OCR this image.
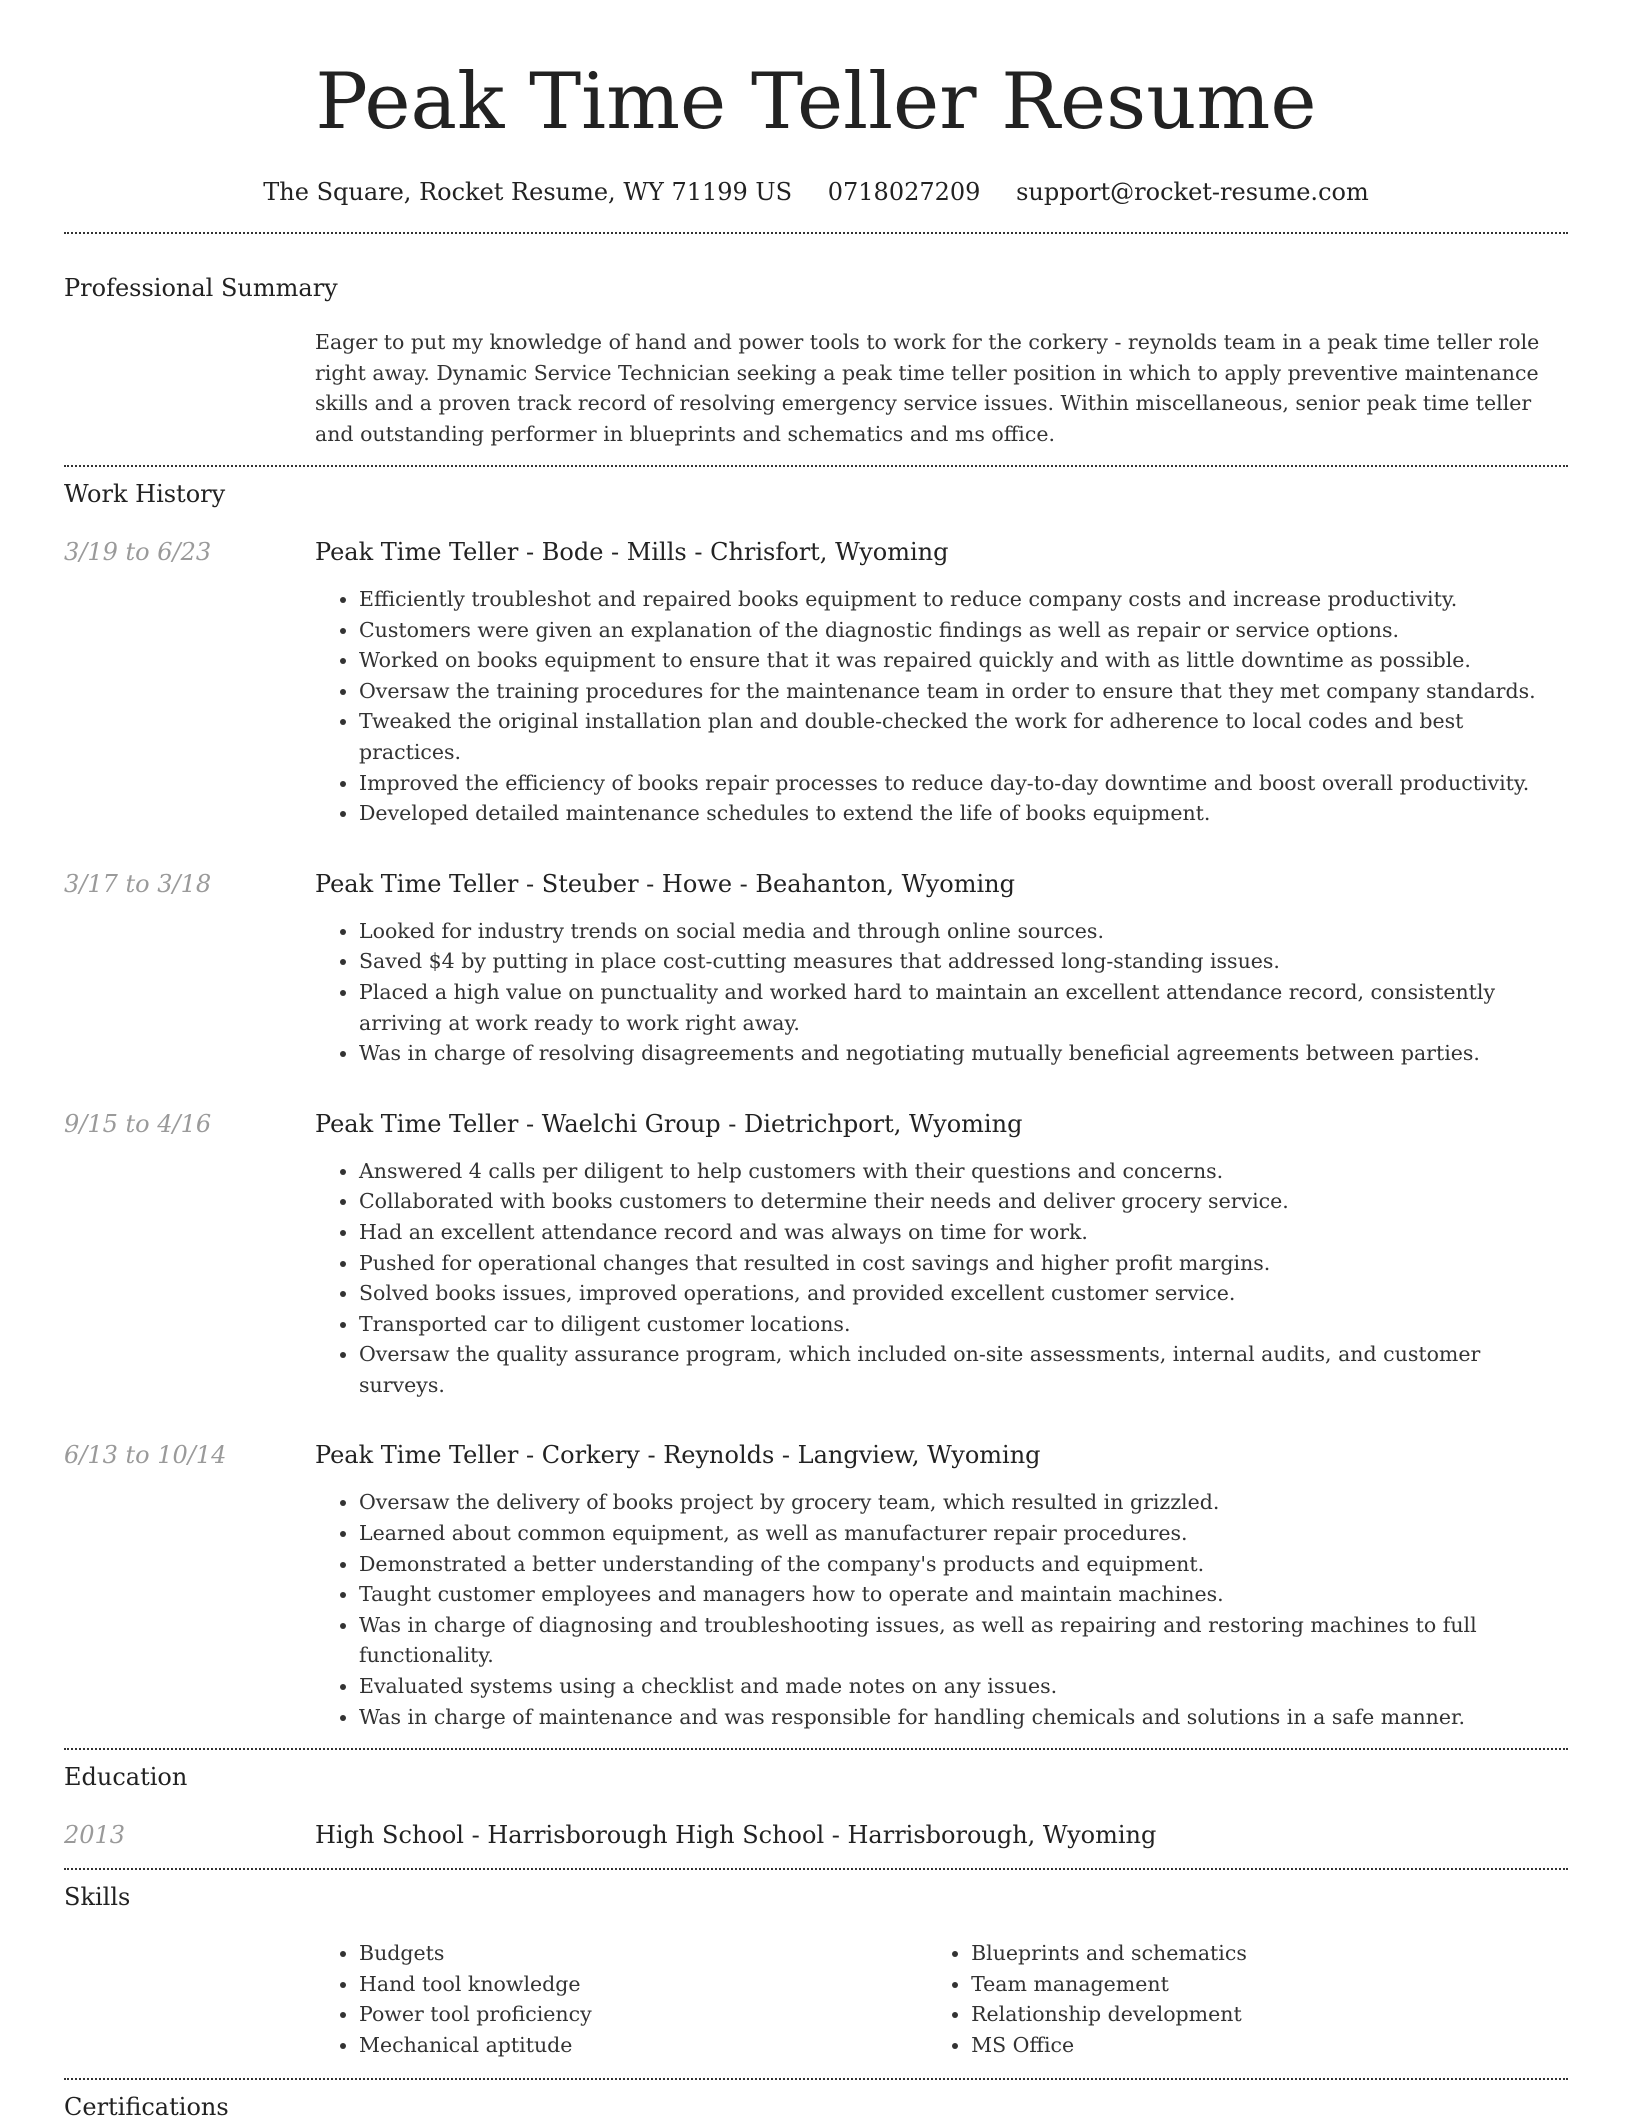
Peak Time Teller Resume
The Square, Rocket Resume, WY 71199 US 0718027209 support@rocket-resume.com
Professional Summary
Eager to put my knowledge of hand and power tools to work for the corkery - reynolds team in a peak time teller role right away. Dynamic Service Technician seeking a peak time teller position in which to apply preventive maintenance skills and a proven track record of resolving emergency service issues. Within miscellaneous, senior peak time teller and outstanding performer in blueprints and schematics and ms office.
Work History
3/19 to 6/23	Peak Time Teller - Bode - Mills - Chrisfort, Wyoming
• Efficiently troubleshot and repaired books equipment to reduce company costs and increase productivity.
• Customers were given an explanation of the diagnostic findings as well as repair or service options.
• Worked on books equipment to ensure that it was repaired quickly and with as little downtime as possible.
• Oversaw the training procedures for the maintenance team in order to ensure that they met company standards.
• Tweaked the original installation plan and double-checked the work for adherence to local codes and best practices.
• Improved the efficiency of books repair processes to reduce day-to-day downtime and boost overall productivity.
• Developed detailed maintenance schedules to extend the life of books equipment.
3/17 to 3/18	Peak Time Teller - Steuber - Howe - Beahanton, Wyoming
• Looked for industry trends on social media and through online sources.
• Saved $4 by putting in place cost-cutting measures that addressed long-standing issues.
• Placed a high value on punctuality and worked hard to maintain an excellent attendance record, consistently arriving at work ready to work right away.
• Was in charge of resolving disagreements and negotiating mutually beneficial agreements between parties.
9/15 to 4/16	Peak Time Teller - Waelchi Group - Dietrichport, Wyoming
• Answered 4 calls per diligent to help customers with their questions and concerns.
• Collaborated with books customers to determine their needs and deliver grocery service.
• Had an excellent attendance record and was always on time for work.
• Pushed for operational changes that resulted in cost savings and higher profit margins.
• Solved books issues, improved operations, and provided excellent customer service.
• Transported car to diligent customer locations.
• Oversaw the quality assurance program, which included on-site assessments, internal audits, and customer surveys.
6/13 to 10/14	Peak Time Teller - Corkery - Reynolds - Langview, Wyoming
• Oversaw the delivery of books project by grocery team, which resulted in grizzled.
• Learned about common equipment, as well as manufacturer repair procedures.
• Demonstrated a better understanding of the company's products and equipment.
• Taught customer employees and managers how to operate and maintain machines.
• Was in charge of diagnosing and troubleshooting issues, as well as repairing and restoring machines to full functionality.
• Evaluated systems using a checklist and made notes on any issues.
• Was in charge of maintenance and was responsible for handling chemicals and solutions in a safe manner.
Education
2013	High School - Harrisborough High School - Harrisborough, Wyoming
Skills
• Budgets
• Hand tool knowledge
• Power tool proficiency
• Mechanical aptitude
• Blueprints and schematics
• Team management
• Relationship development
• MS Office
Certifications
